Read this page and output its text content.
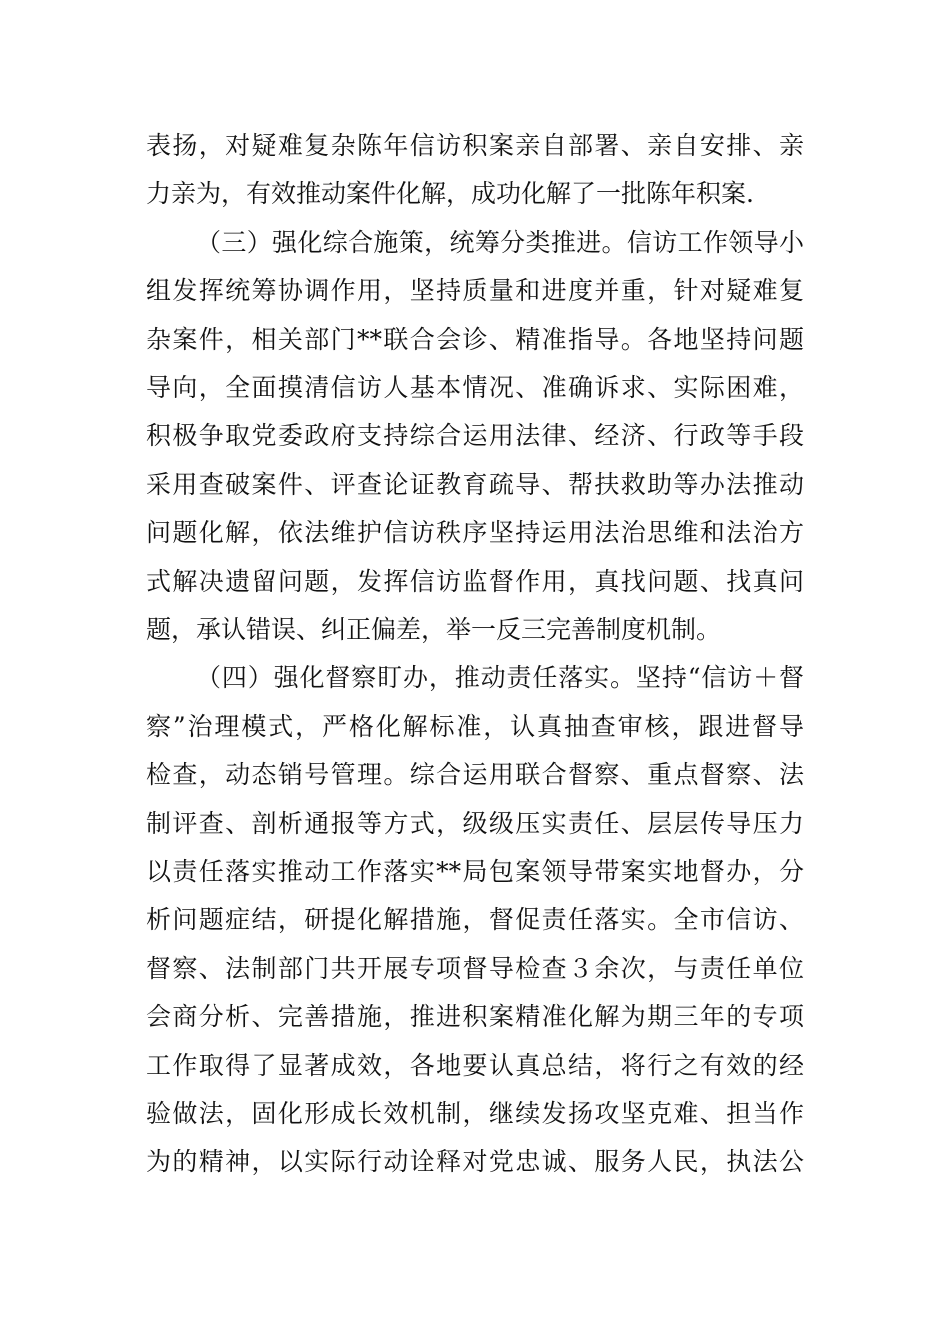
表扬，对疑难复杂陈年信访积案亲自部署、亲自安排、亲
力亲为，有效推动案件化解，成功化解了一批陈年积案.
（三）强化综合施策，统筹分类推进。信访工作领导小
组发挥统筹协调作用，坚持质量和进度并重，针对疑难复
杂案件，相关部门**联合会诊、精准指导。各地坚持问题
导向，全面摸清信访人基本情况、准确诉求、实际困难，
积极争取党委政府支持综合运用法律、经济、行政等手段
采用查破案件、评查论证教育疏导、帮扶救助等办法推动
问题化解，依法维护信访秩序坚持运用法治思维和法治方
式解决遗留问题，发挥信访监督作用，真找问题、找真问
题，承认错误、纠正偏差，举一反三完善制度机制。
（四）强化督察盯办，推动责任落实。坚持“信访＋督
察”治理模式，严格化解标准，认真抽查审核，跟进督导
检查，动态销号管理。综合运用联合督察、重点督察、法
制评查、剖析通报等方式，级级压实责任、层层传导压力
以责任落实推动工作落实**局包案领导带案实地督办，分
析问题症结，研提化解措施，督促责任落实。全市信访、
督察、法制部门共开展专项督导检查３余次，与责任单位
会商分析、完善措施，推进积案精准化解为期三年的专项
工作取得了显著成效，各地要认真总结，将行之有效的经
验做法，固化形成长效机制，继续发扬攻坚克难、担当作
为的精神，以实际行动诠释对党忠诚、服务人民，执法公
